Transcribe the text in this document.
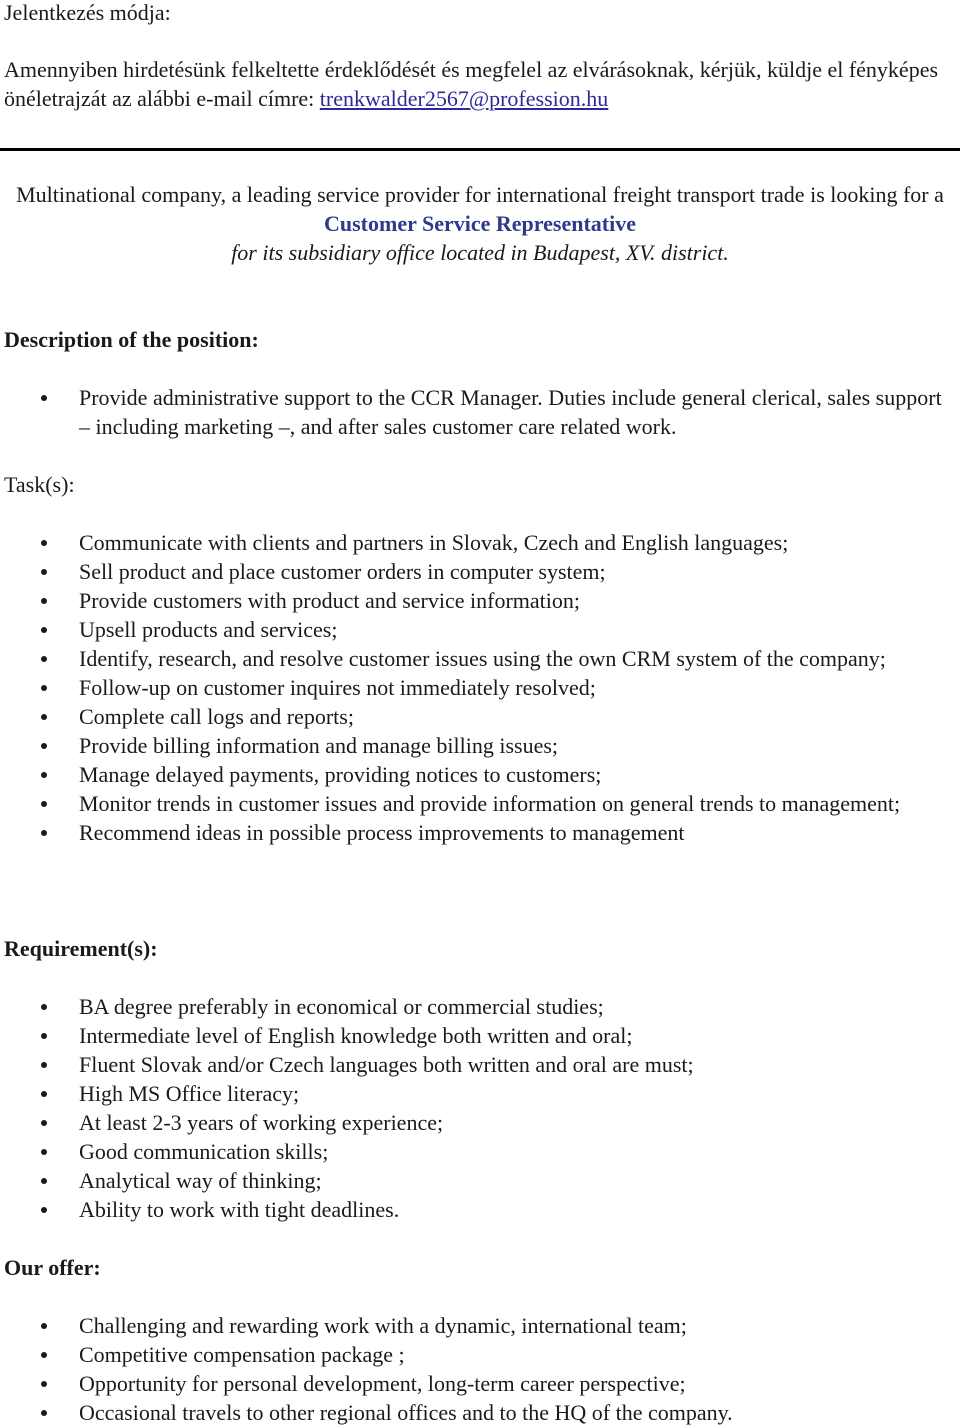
Jelentkezés módja:

Amennyiben hirdetésünk felkeltette érdeklődését és megfelel az elvárásoknak, kérjük, küldje el fényképes önéletrajzát az alábbi e-mail címre: trenkwalder2567@profession.hu

Multinational company, a leading service provider for international freight transport trade is looking for a
Customer Service Representative
for its subsidiary office located in Budapest, XV. district.

Description of the position:

Provide administrative support to the CCR Manager. Duties include general clerical, sales support – including marketing –, and after sales customer care related work.

Task(s):

Communicate with clients and partners in Slovak, Czech and English languages;
Sell product and place customer orders in computer system;
Provide customers with product and service information;
Upsell products and services;
Identify, research, and resolve customer issues using the own CRM system of the company;
Follow-up on customer inquires not immediately resolved;
Complete call logs and reports;
Provide billing information and manage billing issues;
Manage delayed payments, providing notices to customers;
Monitor trends in customer issues and provide information on general trends to management;
Recommend ideas in possible process improvements to management

Requirement(s):

BA degree preferably in economical or commercial studies;
Intermediate level of English knowledge both written and oral;
Fluent Slovak and/or Czech languages both written and oral are must;
High MS Office literacy;
At least 2-3 years of working experience;
Good communication skills;
Analytical way of thinking;
Ability to work with tight deadlines.

Our offer:

Challenging and rewarding work with a dynamic, international team;
Competitive compensation package ;
Opportunity for personal development, long-term career perspective;
Occasional travels to other regional offices and to the HQ of the company.
